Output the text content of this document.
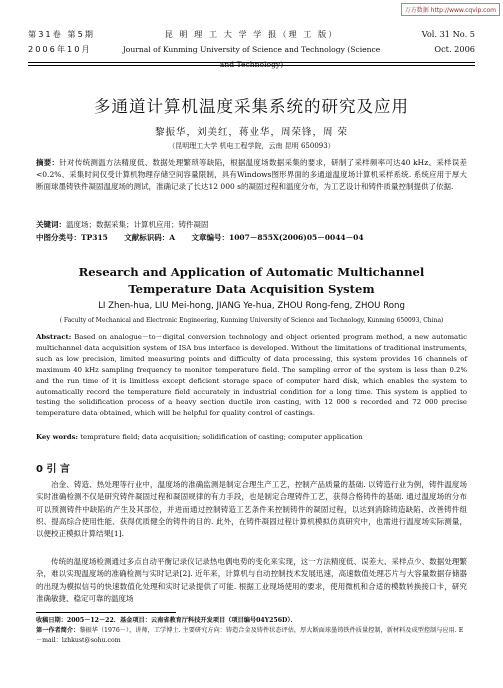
万方数据 http://www.cqvip.com
第31卷 第5期	昆 明 理 工 大 学 学 报（理 工 版）	Vol. 31 No. 5
2006年10月	Journal of Kunming University of Science and Technology (Science and Technology)
Oct. 2006
多通道计算机温度采集系统的研究及应用
黎振华，刘美红，蒋业华，周荣锋，周 荣
（昆明理工大学 机电工程学院，云南 昆明 650093）
摘要：针对传统测温方法精度低、数据处理繁琐等缺陷，根据温度场数据采集的要求，研制了采样频率可达40 kHz、采样误差<0.2%、采集时间仅受计算机物理存储空间容量限制，具有Windows图形界面的多通道温度场计算机采样系统. 系统应用于厚大断面球墨铸铁件凝固温度场的测试，准确记录了长达12 000 s的凝固过程和温度分布，为工艺设计和铸件质量控制提供了依据.
关键词：温度场；数据采集；计算机应用；铸件凝固
中图分类号：TP315 文献标识码：A 文章编号：1007－855X(2006)05－0044－04
Research and Application of Automatic Multichannel
Temperature Data Acquisition System
LI Zhen-hua, LIU Mei-hong, JIANG Ye-hua, ZHOU Rong-feng, ZHOU Rong
( Faculty of Mechanical and Electronic Engineering, Kunming University of Science and Technology, Kunming 650093, China)
Abstract: Based on analogue－to－digital conversion technology and object oriented program method, a new automatic multichannel data acquisition system of ISA bus interface is developed. Without the limitations of traditional instruments, such as low precision, limited measuring points and difficulty of data processing, this system provides 16 channels of maximum 40 kHz sampling frequency to monitor temperature field. The sampling error of the system is less than 0.2% and the run time of it is limitless except deficient storage space of computer hard disk, which enables the system to automatically record the temperature field accurately in industrial condition for a long time. This system is applied to testing the solidification process of a heavy section ductile iron casting, with 12 000 s recorded and 72 000 precise temperature data obtained, which will be helpful for quality control of castings.
Key words: temprature field; data acquisition; solidification of casting; computer application
0 引 言
冶金、铸造、热处理等行业中，温度场的准确监测是制定合理生产工艺，控制产品质量的基础. 以铸造行业为例，铸件温度场实时准确检测不仅是研究铸件凝固过程和凝固规律的有力手段，也是制定合理铸件工艺，获得合格铸件的基础. 通过温度场的分布可以预测铸件中缺陷的产生及其部位，并进而通过控制铸造工艺条件来控制铸件的凝固过程，以达到消除铸造缺陷、改善铸件组织、提高综合使用性能、获得优质健全的铸件的目的. 此外，在铸件凝固过程计算机模拟仿真研究中，也需进行温度场实际测量，以便校正模拟计算结果[1].
传统的温度场检测通过多点自动平衡记录仪记录热电偶电势的变化来实现，这一方法精度低、误差大、采样点少、数据处理繁杂，难以实现温度场的准确检测与实时记录[2]. 近年来，计算机与自动控制技术发展迅速，高速数值处理芯片与大容量数据存储器的出现为模拟信号的快速数值化处理和实时记录提供了可能. 根据工业现场使用的要求，使用微机和合适的模数转换接口卡，研究准确敏捷、稳定可靠的温度场
收稿日期：2005－12－22．基金项目：云南省教育厅科技开发项目（项目编号04Y256D）．
第一作者简介：黎振华（1976－），讲师，工学博士. 主要研究方向：铸造合金及铸件状态评估，厚大断面球墨铸铁件质量控制，新材料及成型控制与应用. E－mail：lzhkust@sohu.com
